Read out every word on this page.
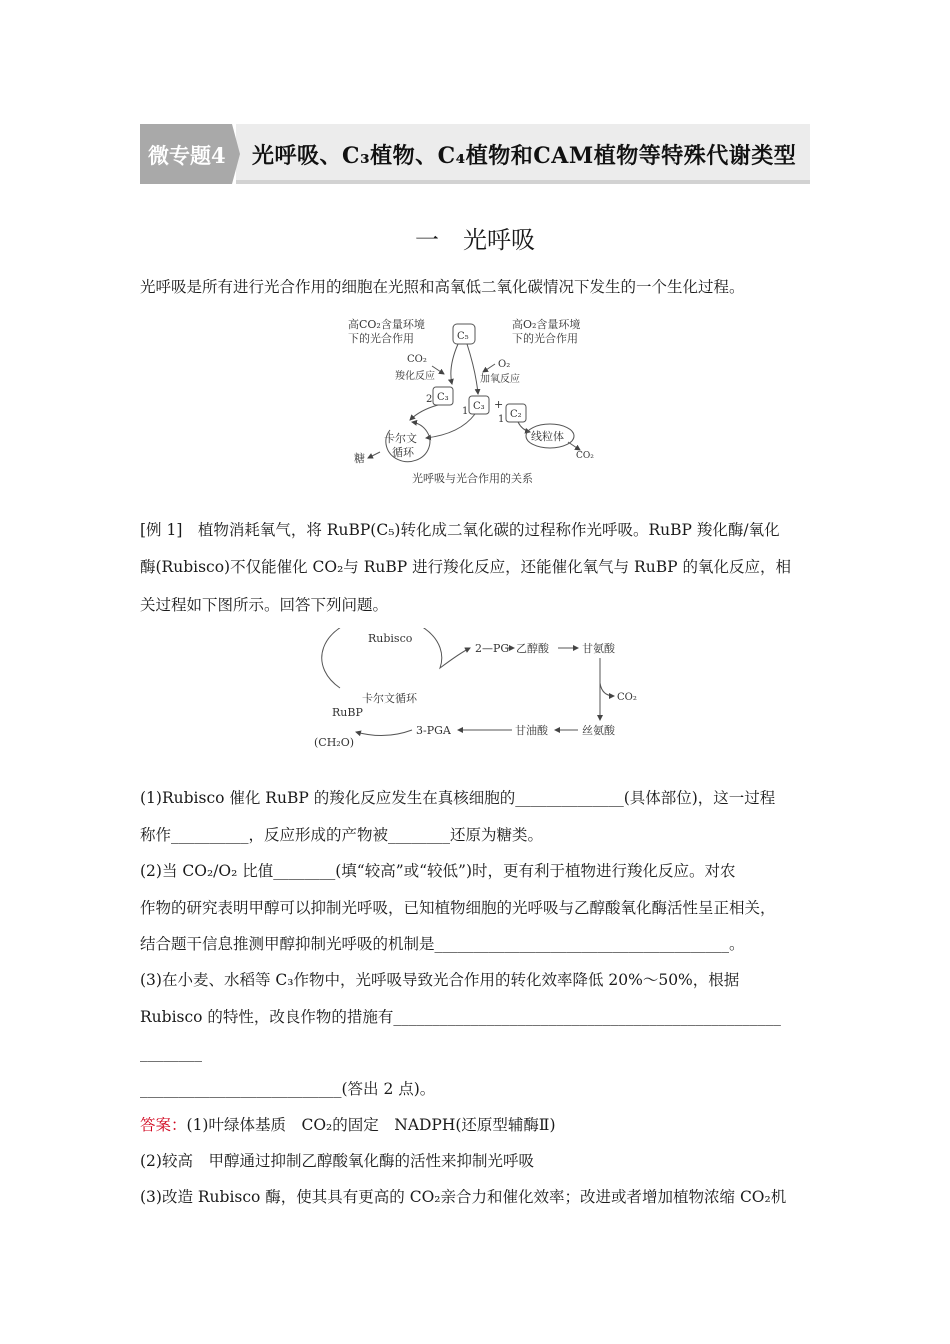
微专题4 光呼吸、C₃植物、C₄植物和CAM植物等特殊代谢类型
一　光呼吸
光呼吸是所有进行光合作用的细胞在光照和高氧低二氧化碳情况下发生的一个生化过程。
高CO₂含量环境
下的光合作用
高O₂含量环境
下的光合作用
C₅
CO₂
羧化反应
O₂
加氧反应
2 C₃
1 C₃ +
1 C₂
卡尔文
循环
糖
线粒体
CO₂
光呼吸与光合作用的关系
[例 1]　植物消耗氧气，将 RuBP(C₅)转化成二氧化碳的过程称作光呼吸。RuBP 羧化酶/氧化
酶(Rubisco)不仅能催化 CO₂与 RuBP 进行羧化反应，还能催化氧气与 RuBP 的氧化反应，相
关过程如下图所示。回答下列问题。
Rubisco
2—PG 乙醇酸	甘氨酸
卡尔文循环	CO₂
RuBP
3-PGA	丝氨酸
甘油酸
(CH₂O)
(1)Rubisco 催化 RuBP 的羧化反应发生在真核细胞的______________(具体部位)，这一过程
称作__________，反应形成的产物被________还原为糖类。
(2)当 CO₂/O₂ 比值________(填“较高”或“较低”)时，更有利于植物进行羧化反应。对农
作物的研究表明甲醇可以抑制光呼吸，已知植物细胞的光呼吸与乙醇酸氧化酶活性呈正相关，
结合题干信息推测甲醇抑制光呼吸的机制是______________________________________。
(3)在小麦、水稻等 C₃作物中，光呼吸导致光合作用的转化效率降低 20%～50%，根据
Rubisco 的特性，改良作物的措施有__________________________________________________
________
__________________________(答出 2 点)。
答案：(1)叶绿体基质　CO₂的固定　NADPH(还原型辅酶Ⅱ)
(2)较高　甲醇通过抑制乙醇酸氧化酶的活性来抑制光呼吸
(3)改造 Rubisco 酶，使其具有更高的 CO₂亲合力和催化效率；改进或者增加植物浓缩 CO₂机
